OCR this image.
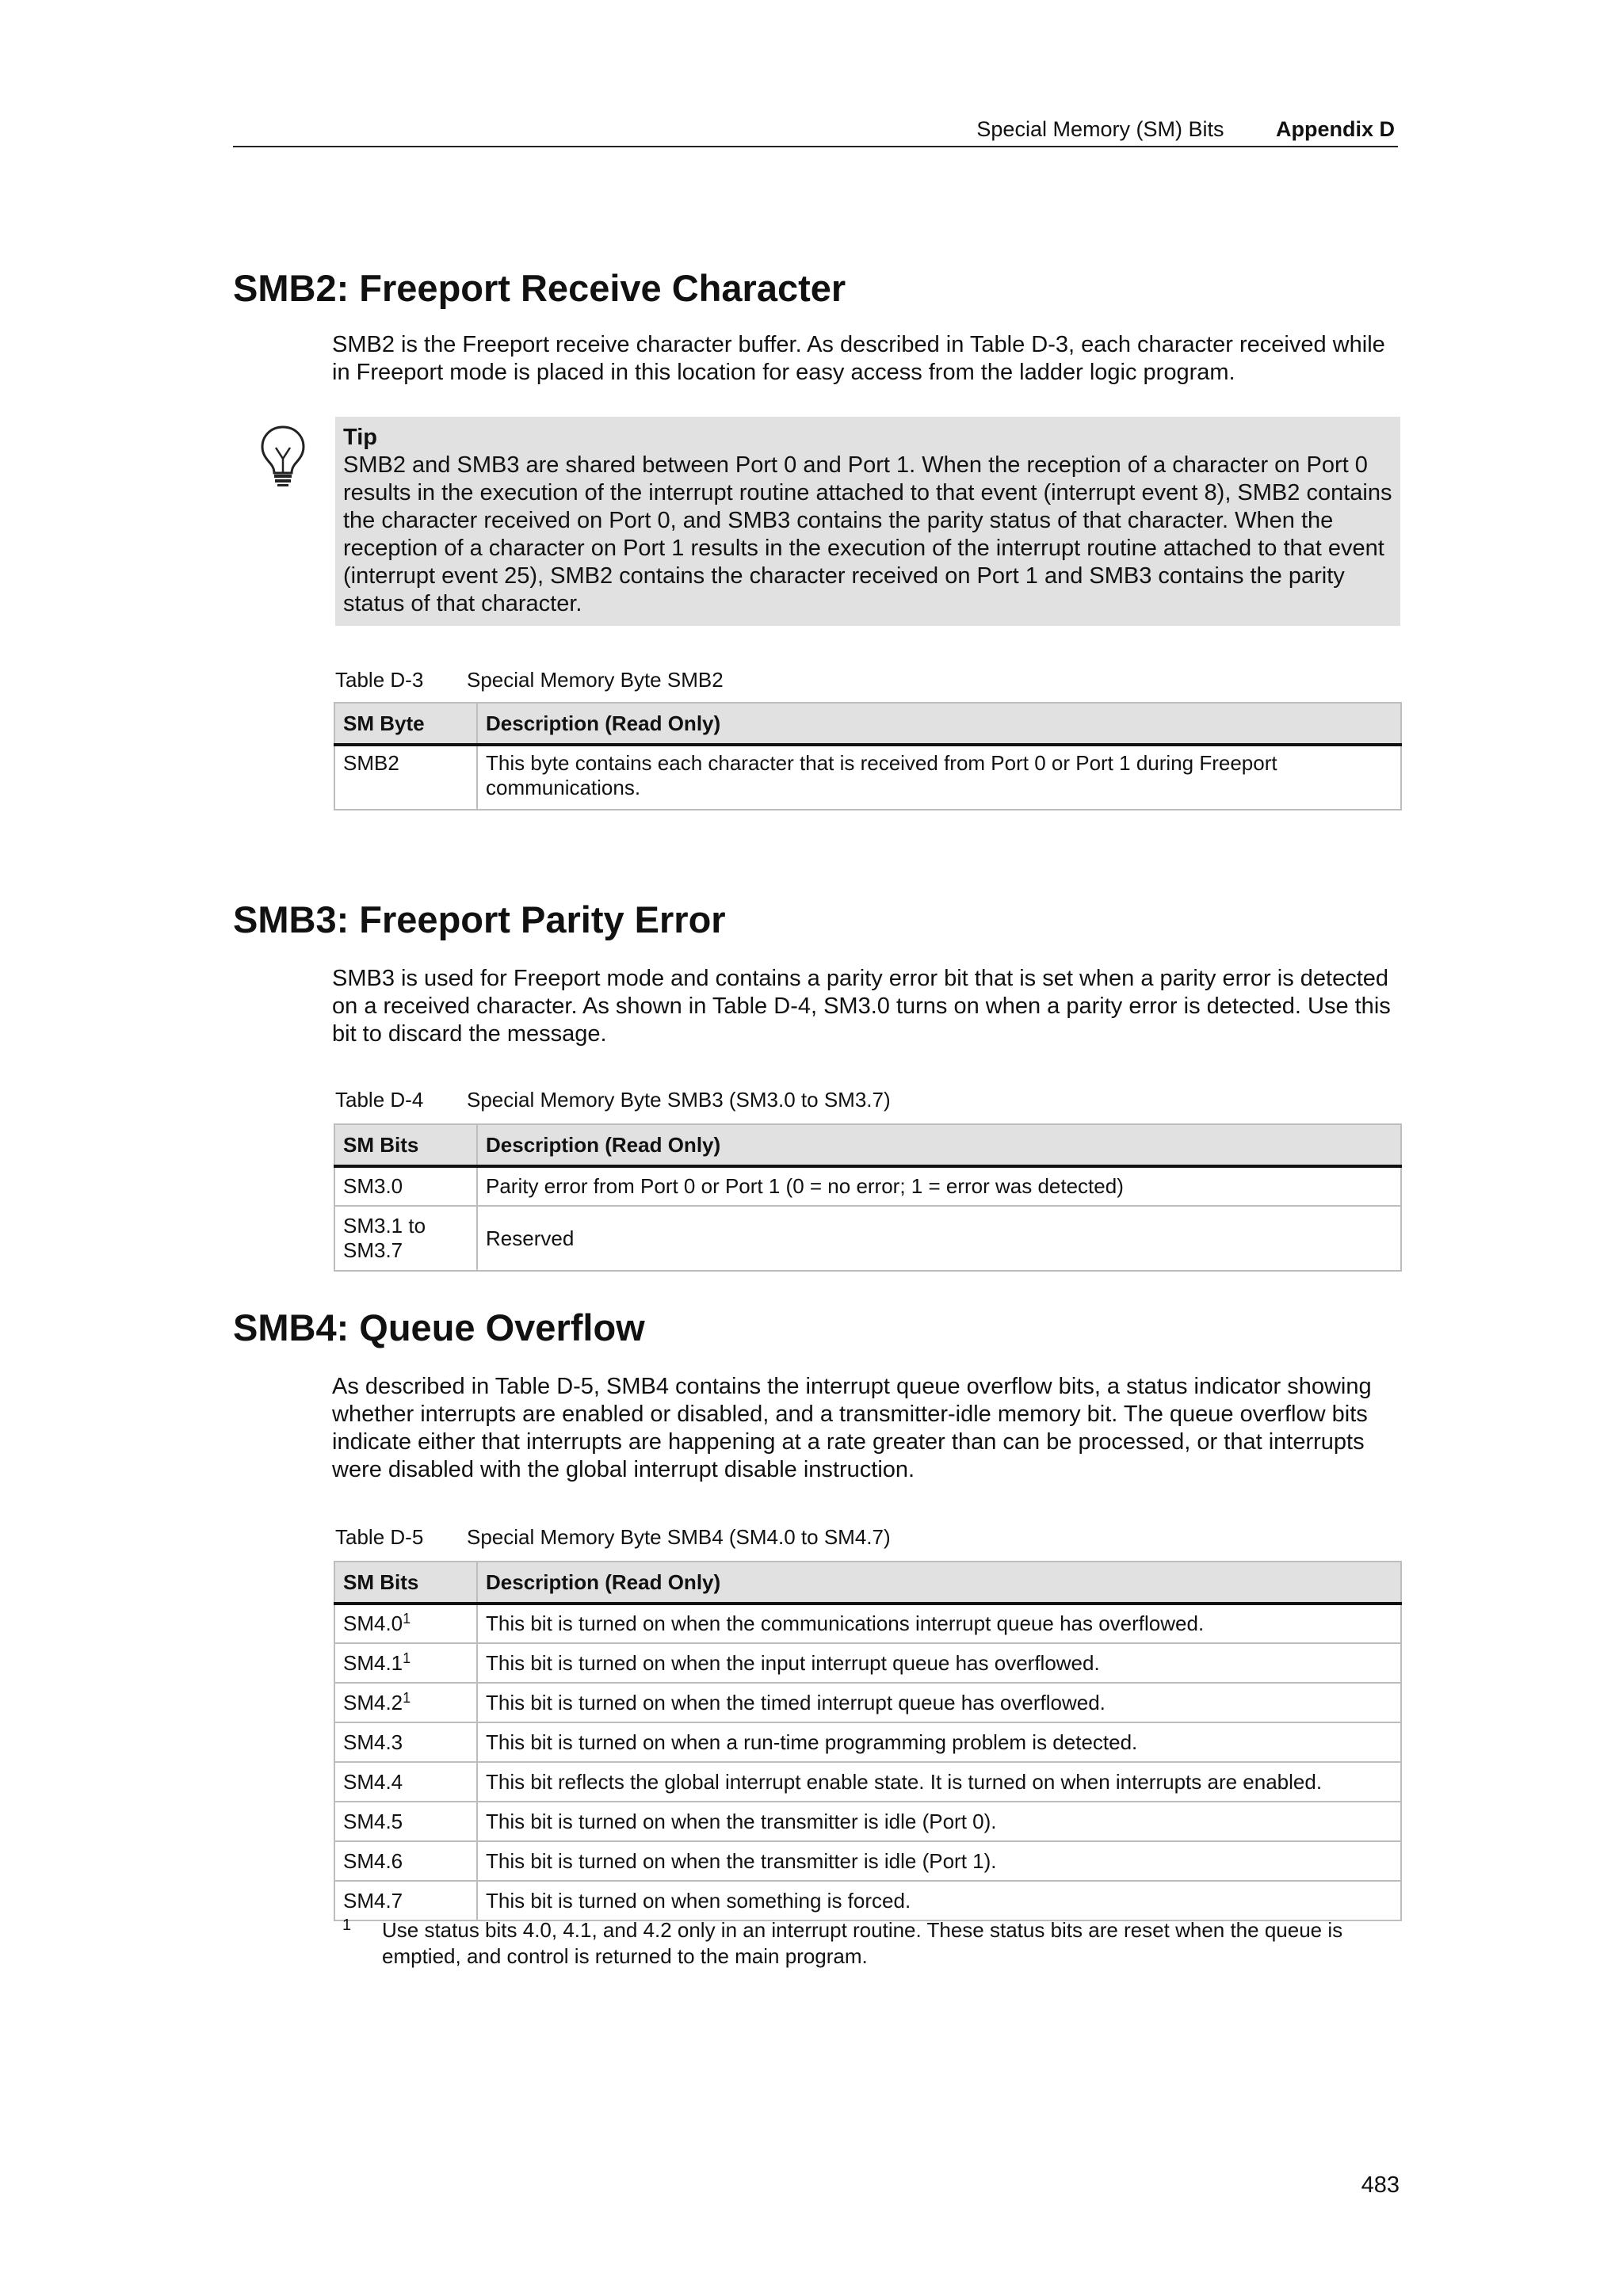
Special Memory (SM) Bits Appendix D
SMB2: Freeport Receive Character

SMB2 is the Freeport receive character buffer. As described in Table D-3, each character received while in Freeport mode is placed in this location for easy access from the ladder logic program.

Tip
SMB2 and SMB3 are shared between Port 0 and Port 1. When the reception of a character on Port 0 results in the execution of the interrupt routine attached to that event (interrupt event 8), SMB2 contains the character received on Port 0, and SMB3 contains the parity status of that character. When the reception of a character on Port 1 results in the execution of the interrupt routine attached to that event (interrupt event 25), SMB2 contains the character received on Port 1 and SMB3 contains the parity status of that character.
Table D-3 Special Memory Byte SMB2
SM Byte	Description (Read Only)
SMB2	This byte contains each character that is received from Port 0 or Port 1 during Freeport communications.
SMB3: Freeport Parity Error

SMB3 is used for Freeport mode and contains a parity error bit that is set when a parity error is detected on a received character. As shown in Table D-4, SM3.0 turns on when a parity error is detected. Use this bit to discard the message.

Table D-4 Special Memory Byte SMB3 (SM3.0 to SM3.7)
SM Bits	Description (Read Only)
SM3.0	Parity error from Port 0 or Port 1 (0 = no error; 1 = error was detected)
SM3.1 to SM3.7	Reserved
SMB4: Queue Overflow

As described in Table D-5, SMB4 contains the interrupt queue overflow bits, a status indicator showing whether interrupts are enabled or disabled, and a transmitter-idle memory bit. The queue overflow bits indicate either that interrupts are happening at a rate greater than can be processed, or that interrupts were disabled with the global interrupt disable instruction.

Table D-5 Special Memory Byte SMB4 (SM4.0 to SM4.7)
SM Bits	Description (Read Only)
$SM4.0^1$	This bit is turned on when the communications interrupt queue has overflowed.
$SM4.1^1$	This bit is turned on when the input interrupt queue has overflowed.
$SM4.2^1$	This bit is turned on when the timed interrupt queue has overflowed.
SM4.3	This bit is turned on when a run-time programming problem is detected.
SM4.4	This bit reflects the global interrupt enable state. It is turned on when interrupts are enabled.
SM4.5	This bit is turned on when the transmitter is idle (Port 0).
SM4.6	This bit is turned on when the transmitter is idle (Port 1).
SM4.7	This bit is turned on when something is forced.
1 Use status bits 4.0, 4.1, and 4.2 only in an interrupt routine. These status bits are reset when the queue is emptied, and control is returned to the main program.
483
